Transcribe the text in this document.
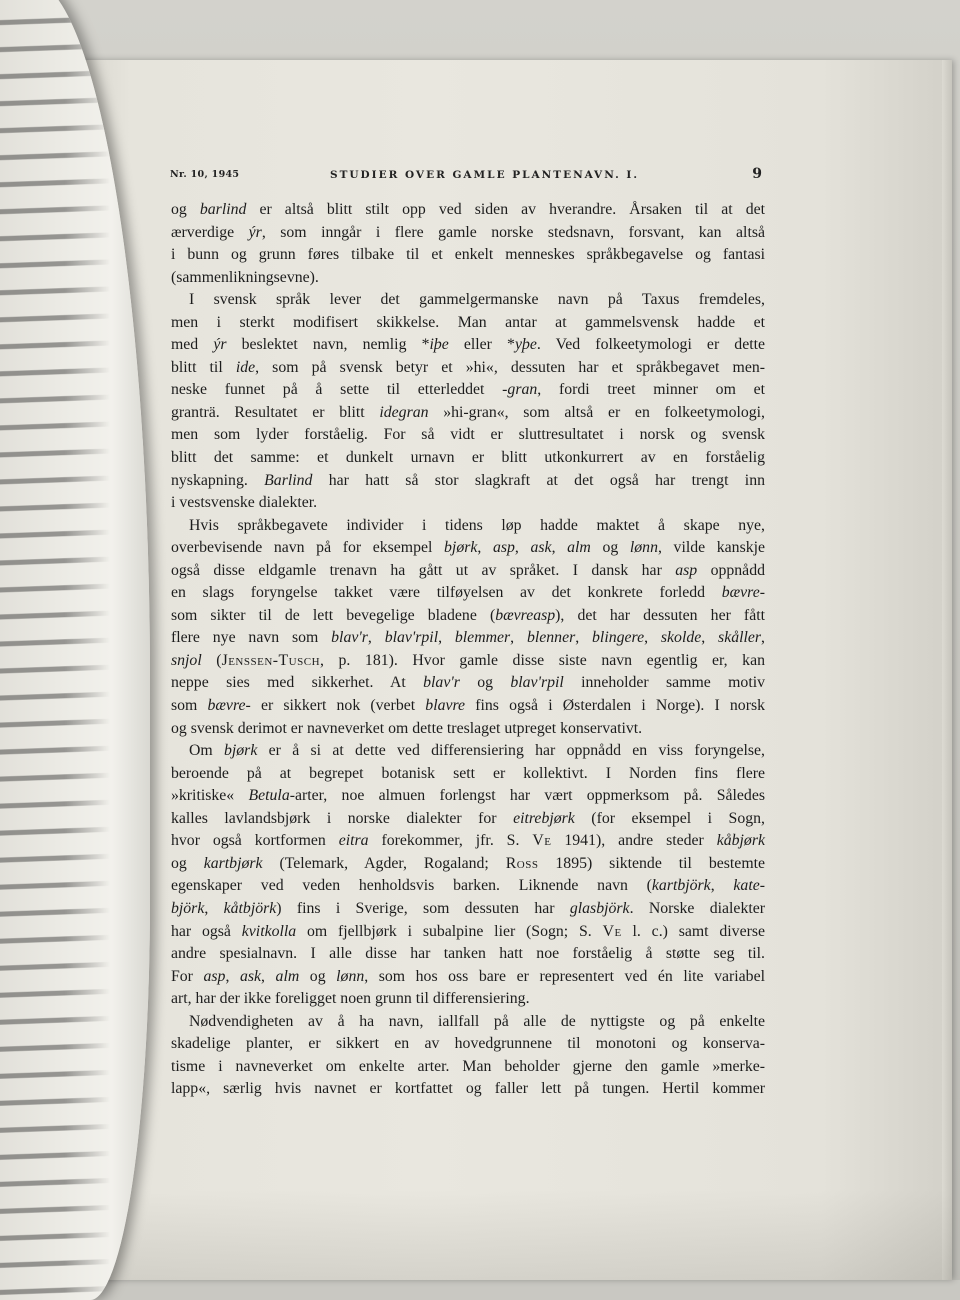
Nr. 10, 1945	STUDIER OVER GAMLE PLANTENAVN. I.	9
og barlind er altså blitt stilt opp ved siden av hverandre. Årsaken til at det
ærverdige ýr, som inngår i flere gamle norske stedsnavn, forsvant, kan altså
i bunn og grunn føres tilbake til et enkelt menneskes språkbegavelse og fantasi
(sammenlikningsevne).
I svensk språk lever det gammelgermanske navn på Taxus fremdeles,
men i sterkt modifisert skikkelse. Man antar at gammelsvensk hadde et
med ýr beslektet navn, nemlig *iþe eller *yþe. Ved folkeetymologi er dette
blitt til ide, som på svensk betyr et »hi«, dessuten har et språkbegavet men-
neske funnet på å sette til etterleddet -gran, fordi treet minner om et
granträ. Resultatet er blitt idegran »hi-gran«, som altså er en folkeetymologi,
men som lyder forståelig. For så vidt er sluttresultatet i norsk og svensk
blitt det samme: et dunkelt urnavn er blitt utkonkurrert av en forståelig
nyskapning. Barlind har hatt så stor slagkraft at det også har trengt inn
i vestsvenske dialekter.
Hvis språkbegavete individer i tidens løp hadde maktet å skape nye,
overbevisende navn på for eksempel bjørk, asp, ask, alm og lønn, vilde kanskje
også disse eldgamle trenavn ha gått ut av språket. I dansk har asp oppnådd
en slags foryngelse takket være tilføyelsen av det konkrete forledd bævre-
som sikter til de lett bevegelige bladene (bævreasp), det har dessuten her fått
flere nye navn som blav'r, blav'rpil, blemmer, blenner, blingere, skolde, skåller,
snjol (Jenssen-Tusch, p. 181). Hvor gamle disse siste navn egentlig er, kan
neppe sies med sikkerhet. At blav'r og blav'rpil inneholder samme motiv
som bævre- er sikkert nok (verbet blavre fins også i Østerdalen i Norge). I norsk
og svensk derimot er navneverket om dette treslaget utpreget konservativt.
Om bjørk er å si at dette ved differensiering har oppnådd en viss foryngelse,
beroende på at begrepet botanisk sett er kollektivt. I Norden fins flere
»kritiske« Betula-arter, noe almuen forlengst har vært oppmerksom på. Således
kalles lavlandsbjørk i norske dialekter for eitrebjørk (for eksempel i Sogn,
hvor også kortformen eitra forekommer, jfr. S. Ve 1941), andre steder kåbjørk
og kartbjørk (Telemark, Agder, Rogaland; Ross 1895) siktende til bestemte
egenskaper ved veden henholdsvis barken. Liknende navn (kartbjörk, kate-
björk, kåtbjörk) fins i Sverige, som dessuten har glasbjörk. Norske dialekter
har også kvitkolla om fjellbjørk i subalpine lier (Sogn; S. Ve l. c.) samt diverse
andre spesialnavn. I alle disse har tanken hatt noe forståelig å støtte seg til.
For asp, ask, alm og lønn, som hos oss bare er representert ved én lite variabel
art, har der ikke foreligget noen grunn til differensiering.
Nødvendigheten av å ha navn, iallfall på alle de nyttigste og på enkelte
skadelige planter, er sikkert en av hovedgrunnene til monotoni og konserva-
tisme i navneverket om enkelte arter. Man beholder gjerne den gamle »merke-
lapp«, særlig hvis navnet er kortfattet og faller lett på tungen. Hertil kommer
